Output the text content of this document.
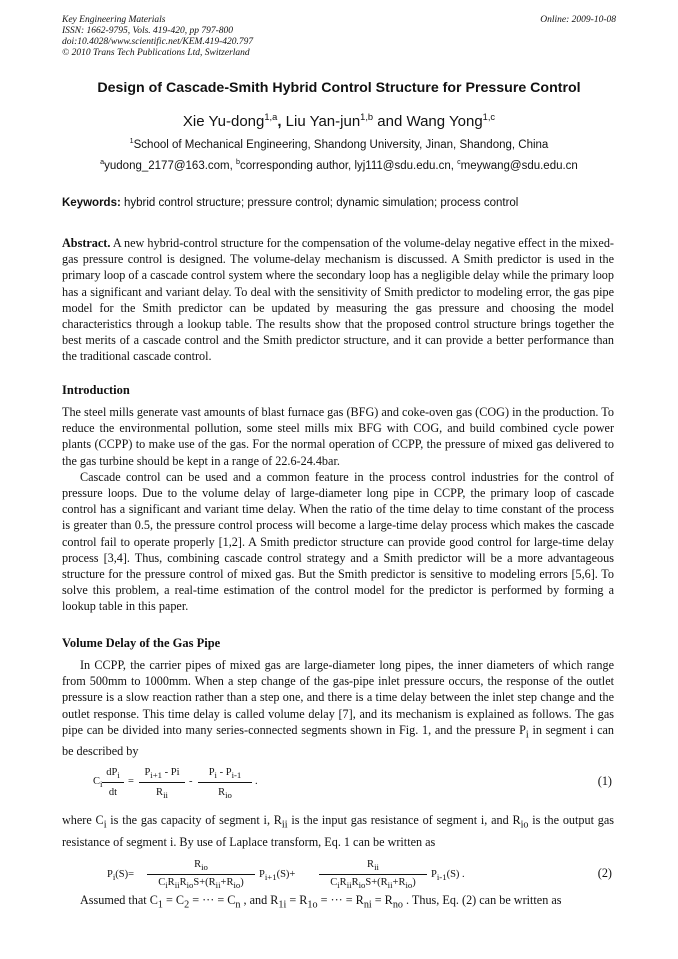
Key Engineering Materials
ISSN: 1662-9795, Vols. 419-420, pp 797-800
doi:10.4028/www.scientific.net/KEM.419-420.797
© 2010 Trans Tech Publications Ltd, Switzerland
Online: 2009-10-08
Design of Cascade-Smith Hybrid Control Structure for Pressure Control
Xie Yu-dong$^{1,a}$, Liu Yan-jun$^{1,b}$ and Wang Yong$^{1,c}$
$^1$School of Mechanical Engineering, Shandong University, Jinan, Shandong, China
$^a$yudong_2177@163.com, $^b$corresponding author, lyj111@sdu.edu.cn, $^c$meywang@sdu.edu.cn
Keywords: hybrid control structure; pressure control; dynamic simulation; process control

Abstract. A new hybrid-control structure for the compensation of the volume-delay negative effect in the mixed-gas pressure control is designed. The volume-delay mechanism is discussed. A Smith predictor is used in the primary loop of a cascade control system where the secondary loop has a negligible delay while the primary loop has a significant and variant delay. To deal with the sensitivity of Smith predictor to modeling error, the gas pipe model for the Smith predictor can be updated by measuring the gas pressure and choosing the model characteristics through a lookup table. The results show that the proposed control structure brings together the best merits of a cascade control and the Smith predictor structure, and it can provide a better performance than the traditional cascade control.

Introduction

The steel mills generate vast amounts of blast furnace gas (BFG) and coke-oven gas (COG) in the production. To reduce the environmental pollution, some steel mills mix BFG with COG, and build combined cycle power plants (CCPP) to make use of the gas. For the normal operation of CCPP, the pressure of mixed gas delivered to the gas turbine should be kept in a range of 22.6-24.4bar.

Cascade control can be used and a common feature in the process control industries for the control of pressure loops. Due to the volume delay of large-diameter long pipe in CCPP, the primary loop of cascade control has a significant and variant time delay. When the ratio of the time delay to time constant of the process is greater than 0.5, the pressure control process will become a large-time delay process which makes the cascade control fail to operate properly [1,2]. A Smith predictor structure can provide good control for large-time delay process [3,4]. Thus, combining cascade control strategy and a Smith predictor will be a more advantageous structure for the pressure control of mixed gas. But the Smith predictor is sensitive to modeling errors [5,6]. To solve this problem, a real-time estimation of the control model for the predictor is performed by forming a lookup table in this paper.

Volume Delay of the Gas Pipe

In CCPP, the carrier pipes of mixed gas are large-diameter long pipes, the inner diameters of which range from 500mm to 1000mm. When a step change of the gas-pipe inlet pressure occurs, the response of the outlet pressure is a slow reaction rather than a step one, and there is a time delay between the inlet step change and the outlet response. This time delay is called volume delay [7], and its mechanism is explained as follows. The gas pipe can be divided into many series-connected segments shown in Fig. 1, and the pressure $P_i$ in segment i can be described by

$C_i$
$dP_i$
dt
=
$P_{i+1}$ - Pi
$R_{ii}$
-
$P_i - P_{i-1}$
$R_{io}$
.	(1)

where $C_i$ is the gas capacity of segment i, $R_{ii}$ is the input gas resistance of segment i, and $R_{io}$ is the output gas resistance of segment i. By use of Laplace transform, Eq. 1 can be written as

$P_i(S)=$
$R_{io}$
$C_iR_{ii}R_{io}S+(R_{ii}+R_{io})$
$P_{i+1}(S)+$
$R_{ii}$
$C_iR_{ii}R_{io}S+(R_{ii}+R_{io})$
$P_{i-1}(S)$ .	(2)

Assumed that $C_1 = C_2$ = ··· = $C_n$ , and $R_{1i} = R_{1o}$ = ··· = $R_{ni} = R_{no}$ . Thus, Eq. (2) can be written as
